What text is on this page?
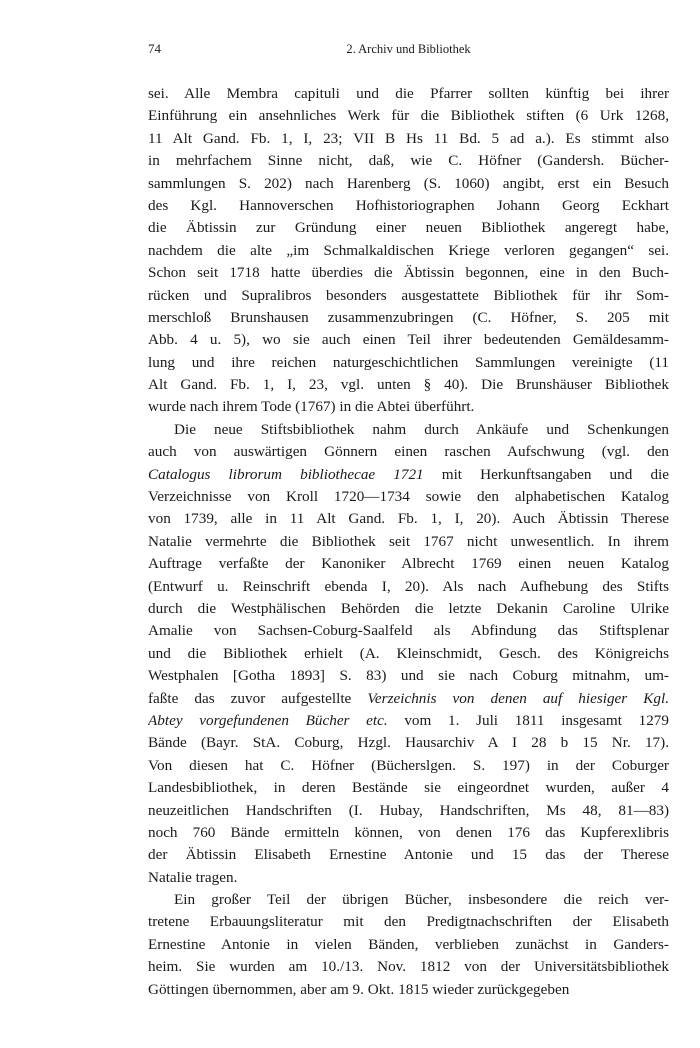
74	2. Archiv und Bibliothek
sei. Alle Membra capituli und die Pfarrer sollten künftig bei ihrer
Einführung ein ansehnliches Werk für die Bibliothek stiften (6 Urk 1268,
11 Alt Gand. Fb. 1, I, 23; VII B Hs 11 Bd. 5 ad a.). Es stimmt also
in mehrfachem Sinne nicht, daß, wie C. Höfner (Gandersh. Bücher-
sammlungen S. 202) nach Harenberg (S. 1060) angibt, erst ein Besuch
des Kgl. Hannoverschen Hofhistoriographen Johann Georg Eckhart
die Äbtissin zur Gründung einer neuen Bibliothek angeregt habe,
nachdem die alte „im Schmalkaldischen Kriege verloren gegangen“ sei.
Schon seit 1718 hatte überdies die Äbtissin begonnen, eine in den Buch-
rücken und Supralibros besonders ausgestattete Bibliothek für ihr Som-
merschloß Brunshausen zusammenzubringen (C. Höfner, S. 205 mit
Abb. 4 u. 5), wo sie auch einen Teil ihrer bedeutenden Gemäldesamm-
lung und ihre reichen naturgeschichtlichen Sammlungen vereinigte (11
Alt Gand. Fb. 1, I, 23, vgl. unten § 40). Die Brunshäuser Bibliothek
wurde nach ihrem Tode (1767) in die Abtei überführt.
Die neue Stiftsbibliothek nahm durch Ankäufe und Schenkungen
auch von auswärtigen Gönnern einen raschen Aufschwung (vgl. den
Catalogus librorum bibliothecae 1721 mit Herkunftsangaben und die
Verzeichnisse von Kroll 1720—1734 sowie den alphabetischen Katalog
von 1739, alle in 11 Alt Gand. Fb. 1, I, 20). Auch Äbtissin Therese
Natalie vermehrte die Bibliothek seit 1767 nicht unwesentlich. In ihrem
Auftrage verfaßte der Kanoniker Albrecht 1769 einen neuen Katalog
(Entwurf u. Reinschrift ebenda I, 20). Als nach Aufhebung des Stifts
durch die Westphälischen Behörden die letzte Dekanin Caroline Ulrike
Amalie von Sachsen-Coburg-Saalfeld als Abfindung das Stiftsplenar
und die Bibliothek erhielt (A. Kleinschmidt, Gesch. des Königreichs
Westphalen [Gotha 1893] S. 83) und sie nach Coburg mitnahm, um-
faßte das zuvor aufgestellte Verzeichnis von denen auf hiesiger Kgl.
Abtey vorgefundenen Bücher etc. vom 1. Juli 1811 insgesamt 1279
Bände (Bayr. StA. Coburg, Hzgl. Hausarchiv A I 28 b 15 Nr. 17).
Von diesen hat C. Höfner (Bücherslgen. S. 197) in der Coburger
Landesbibliothek, in deren Bestände sie eingeordnet wurden, außer 4
neuzeitlichen Handschriften (I. Hubay, Handschriften, Ms 48, 81—83)
noch 760 Bände ermitteln können, von denen 176 das Kupferexlibris
der Äbtissin Elisabeth Ernestine Antonie und 15 das der Therese
Natalie tragen.
Ein großer Teil der übrigen Bücher, insbesondere die reich ver-
tretene Erbauungsliteratur mit den Predigtnachschriften der Elisabeth
Ernestine Antonie in vielen Bänden, verblieben zunächst in Ganders-
heim. Sie wurden am 10./13. Nov. 1812 von der Universitätsbibliothek
Göttingen übernommen, aber am 9. Okt. 1815 wieder zurückgegeben
